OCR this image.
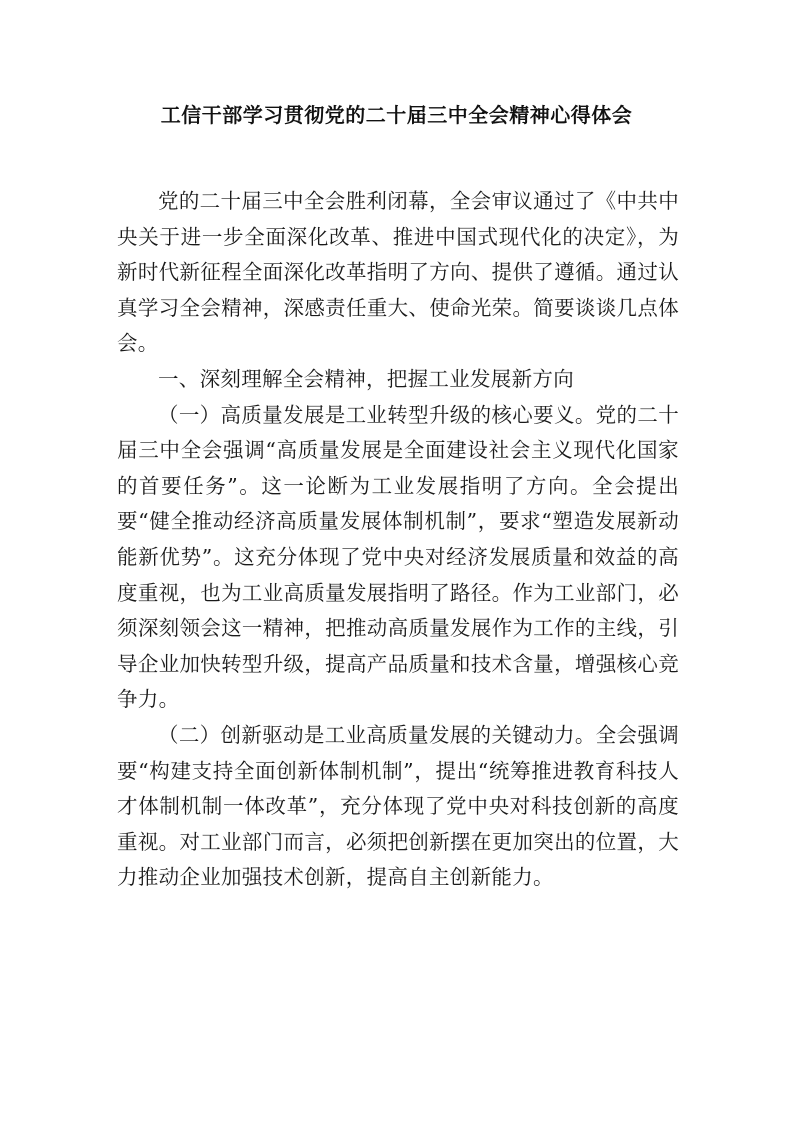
工信干部学习贯彻党的二十届三中全会精神心得体会

党的二十届三中全会胜利闭幕，全会审议通过了《中共中央关于进一步全面深化改革、推进中国式现代化的决定》，为新时代新征程全面深化改革指明了方向、提供了遵循。通过认真学习全会精神，深感责任重大、使命光荣。简要谈谈几点体会。

一、深刻理解全会精神，把握工业发展新方向

（一）高质量发展是工业转型升级的核心要义。党的二十届三中全会强调“高质量发展是全面建设社会主义现代化国家的首要任务”。这一论断为工业发展指明了方向。全会提出要“健全推动经济高质量发展体制机制”，要求“塑造发展新动能新优势”。这充分体现了党中央对经济发展质量和效益的高度重视，也为工业高质量发展指明了路径。作为工业部门，必须深刻领会这一精神，把推动高质量发展作为工作的主线，引导企业加快转型升级，提高产品质量和技术含量，增强核心竞争力。

（二）创新驱动是工业高质量发展的关键动力。全会强调要“构建支持全面创新体制机制”，提出“统筹推进教育科技人才体制机制一体改革”，充分体现了党中央对科技创新的高度重视。对工业部门而言，必须把创新摆在更加突出的位置，大力推动企业加强技术创新，提高自主创新能力。
